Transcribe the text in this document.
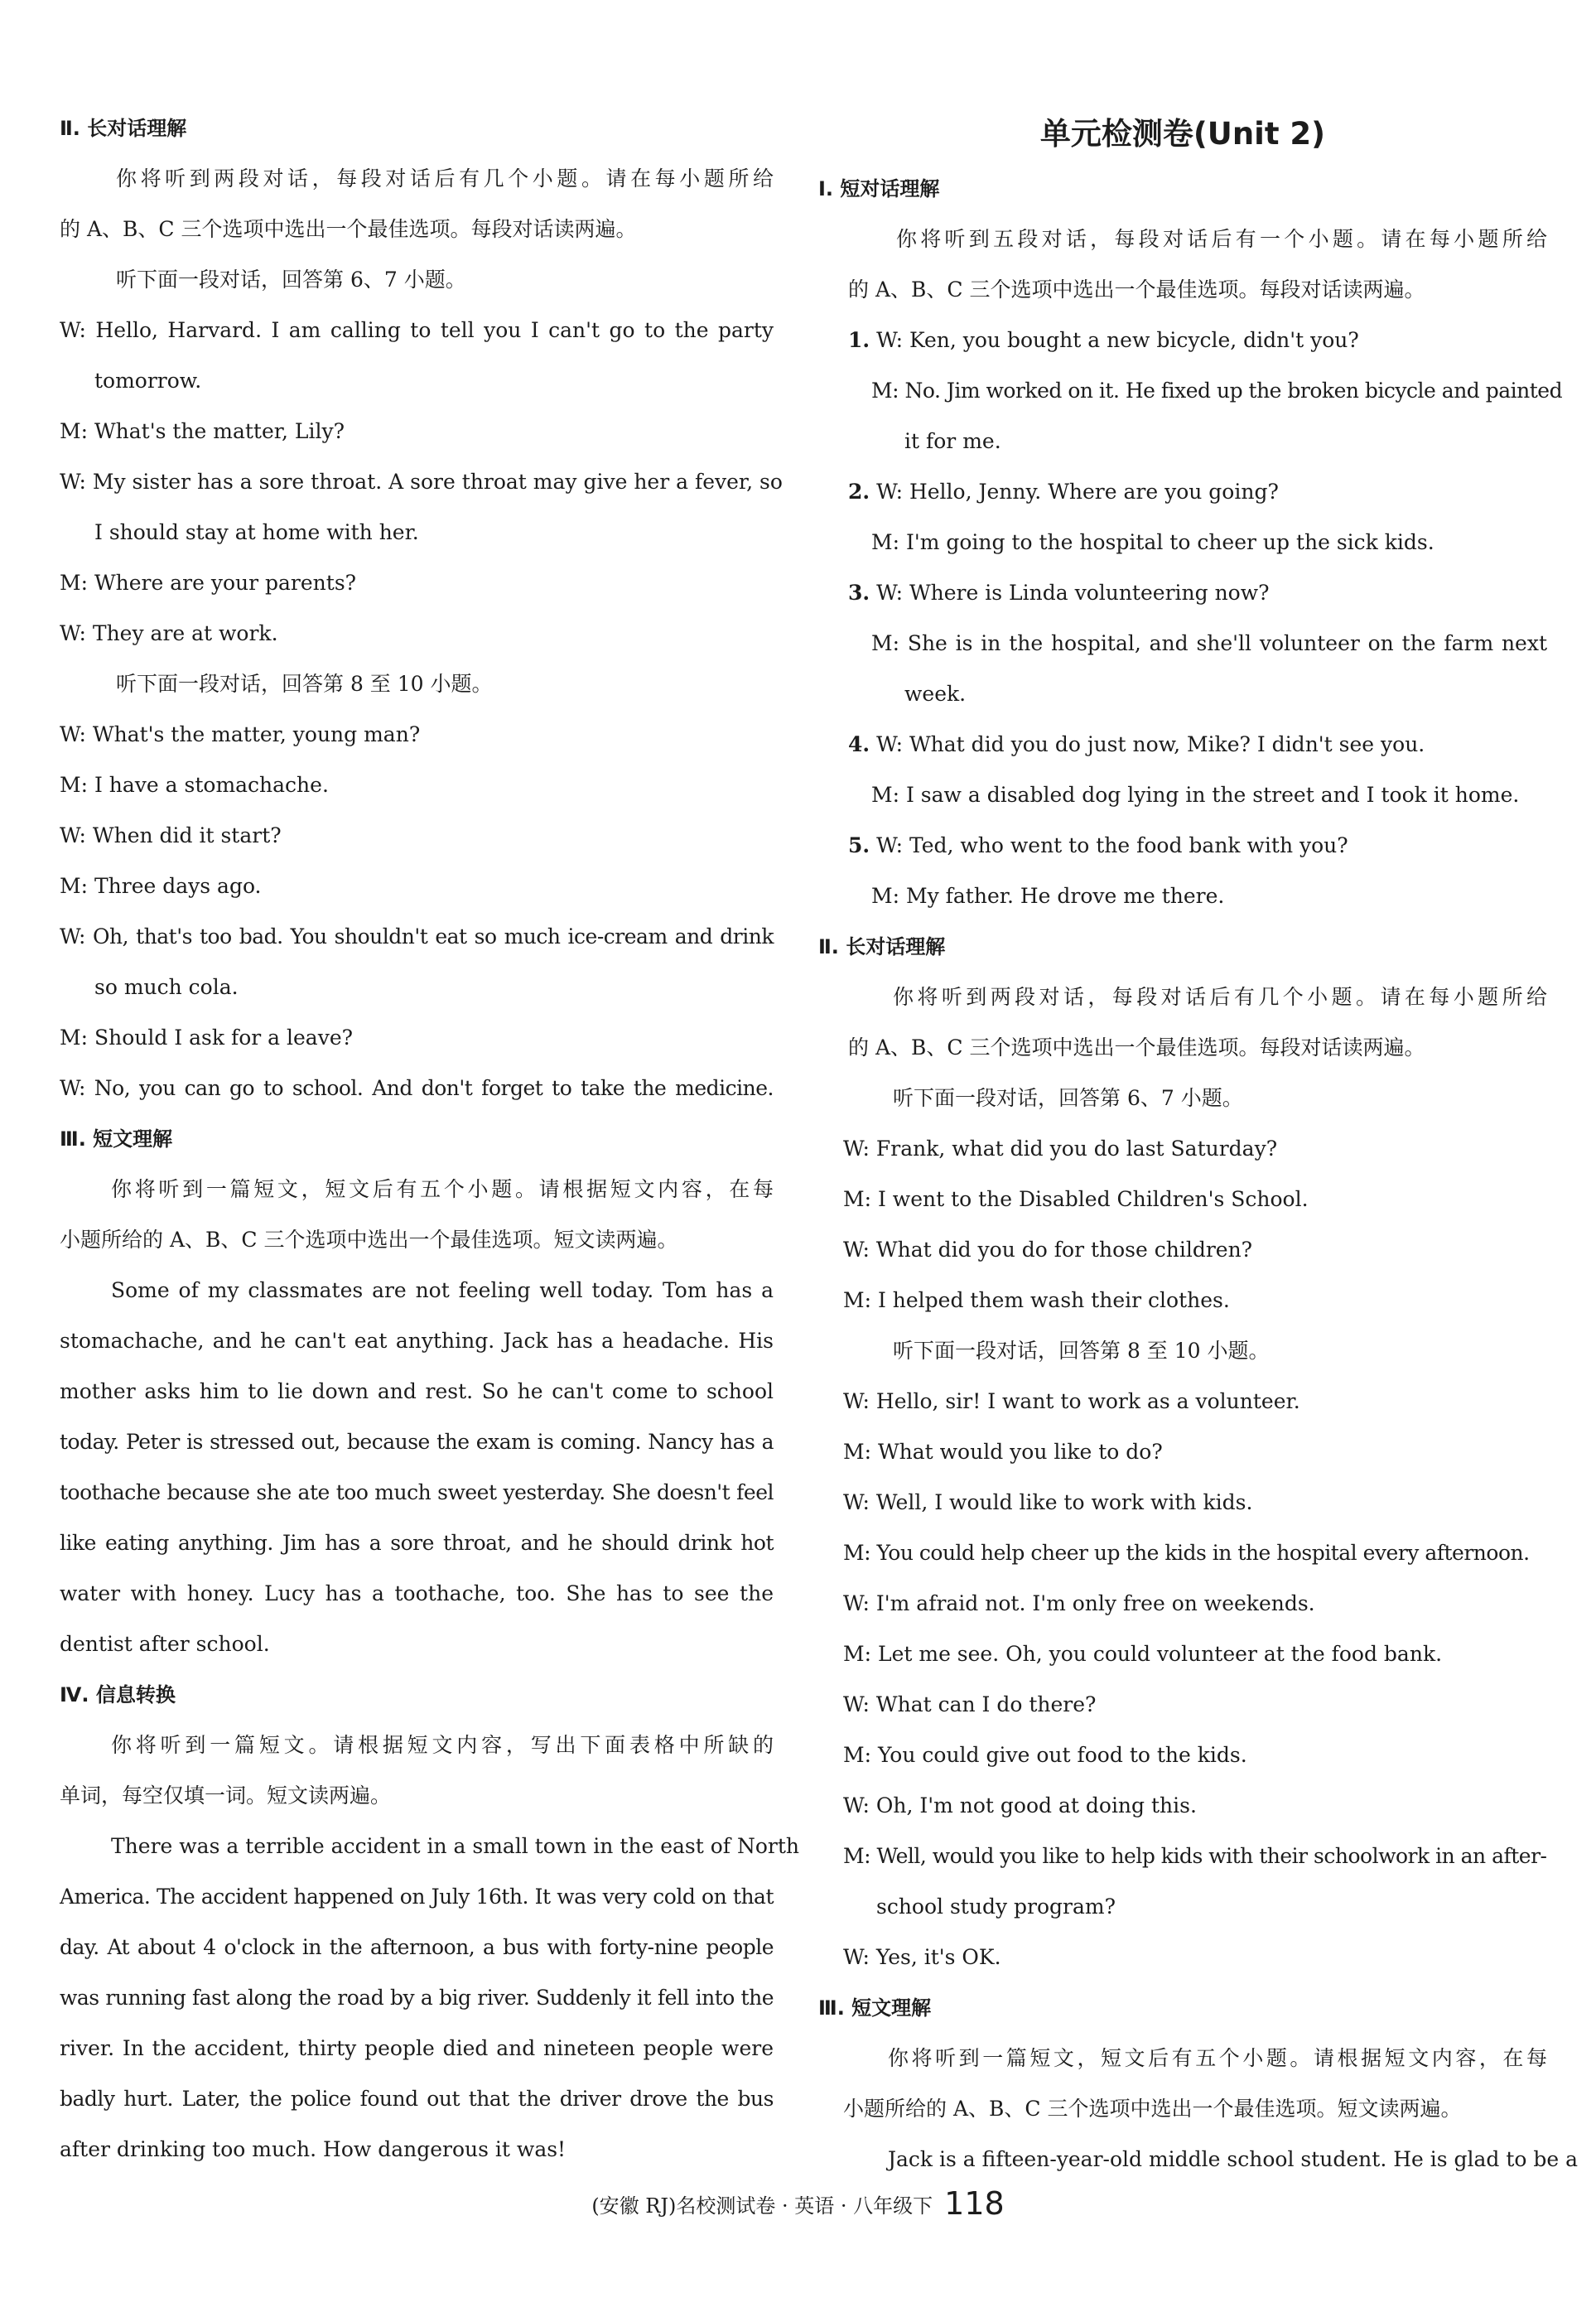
Ⅱ. 长对话理解
你将听到两段对话，每段对话后有几个小题。请在每小题所给
的 A、B、C 三个选项中选出一个最佳选项。每段对话读两遍。
听下面一段对话，回答第 6、7 小题。
W: Hello, Harvard. I am calling to tell you I can't go to the party
tomorrow.
M: What's the matter, Lily?
W: My sister has a sore throat. A sore throat may give her a fever, so
I should stay at home with her.
M: Where are your parents?
W: They are at work.
听下面一段对话，回答第 8 至 10 小题。
W: What's the matter, young man?
M: I have a stomachache.
W: When did it start?
M: Three days ago.
W: Oh, that's too bad. You shouldn't eat so much ice-cream and drink
so much cola.
M: Should I ask for a leave?
W: No, you can go to school. And don't forget to take the medicine.
Ⅲ. 短文理解
你将听到一篇短文，短文后有五个小题。请根据短文内容，在每
小题所给的 A、B、C 三个选项中选出一个最佳选项。短文读两遍。
Some of my classmates are not feeling well today. Tom has a
stomachache, and he can't eat anything. Jack has a headache. His
mother asks him to lie down and rest. So he can't come to school
today. Peter is stressed out, because the exam is coming. Nancy has a
toothache because she ate too much sweet yesterday. She doesn't feel
like eating anything. Jim has a sore throat, and he should drink hot
water with honey. Lucy has a toothache, too. She has to see the
dentist after school.
Ⅳ. 信息转换
你将听到一篇短文。请根据短文内容，写出下面表格中所缺的
单词，每空仅填一词。短文读两遍。
There was a terrible accident in a small town in the east of North
America. The accident happened on July 16th. It was very cold on that
day. At about 4 o'clock in the afternoon, a bus with forty-nine people
was running fast along the road by a big river. Suddenly it fell into the
river. In the accident, thirty people died and nineteen people were
badly hurt. Later, the police found out that the driver drove the bus
after drinking too much. How dangerous it was!
单元检测卷(Unit 2)
Ⅰ. 短对话理解
你将听到五段对话，每段对话后有一个小题。请在每小题所给
的 A、B、C 三个选项中选出一个最佳选项。每段对话读两遍。
1. W: Ken, you bought a new bicycle, didn't you?
M: No. Jim worked on it. He fixed up the broken bicycle and painted
it for me.
2. W: Hello, Jenny. Where are you going?
M: I'm going to the hospital to cheer up the sick kids.
3. W: Where is Linda volunteering now?
M: She is in the hospital, and she'll volunteer on the farm next
week.
4. W: What did you do just now, Mike? I didn't see you.
M: I saw a disabled dog lying in the street and I took it home.
5. W: Ted, who went to the food bank with you?
M: My father. He drove me there.
Ⅱ. 长对话理解
你将听到两段对话，每段对话后有几个小题。请在每小题所给
的 A、B、C 三个选项中选出一个最佳选项。每段对话读两遍。
听下面一段对话，回答第 6、7 小题。
W: Frank, what did you do last Saturday?
M: I went to the Disabled Children's School.
W: What did you do for those children?
M: I helped them wash their clothes.
听下面一段对话，回答第 8 至 10 小题。
W: Hello, sir! I want to work as a volunteer.
M: What would you like to do?
W: Well, I would like to work with kids.
M: You could help cheer up the kids in the hospital every afternoon.
W: I'm afraid not. I'm only free on weekends.
M: Let me see. Oh, you could volunteer at the food bank.
W: What can I do there?
M: You could give out food to the kids.
W: Oh, I'm not good at doing this.
M: Well, would you like to help kids with their schoolwork in an after-
school study program?
W: Yes, it's OK.
Ⅲ. 短文理解
你将听到一篇短文，短文后有五个小题。请根据短文内容，在每
小题所给的 A、B、C 三个选项中选出一个最佳选项。短文读两遍。
Jack is a fifteen-year-old middle school student. He is glad to be a
(安徽 RJ)名校测试卷 · 英语 · 八年级下 118
